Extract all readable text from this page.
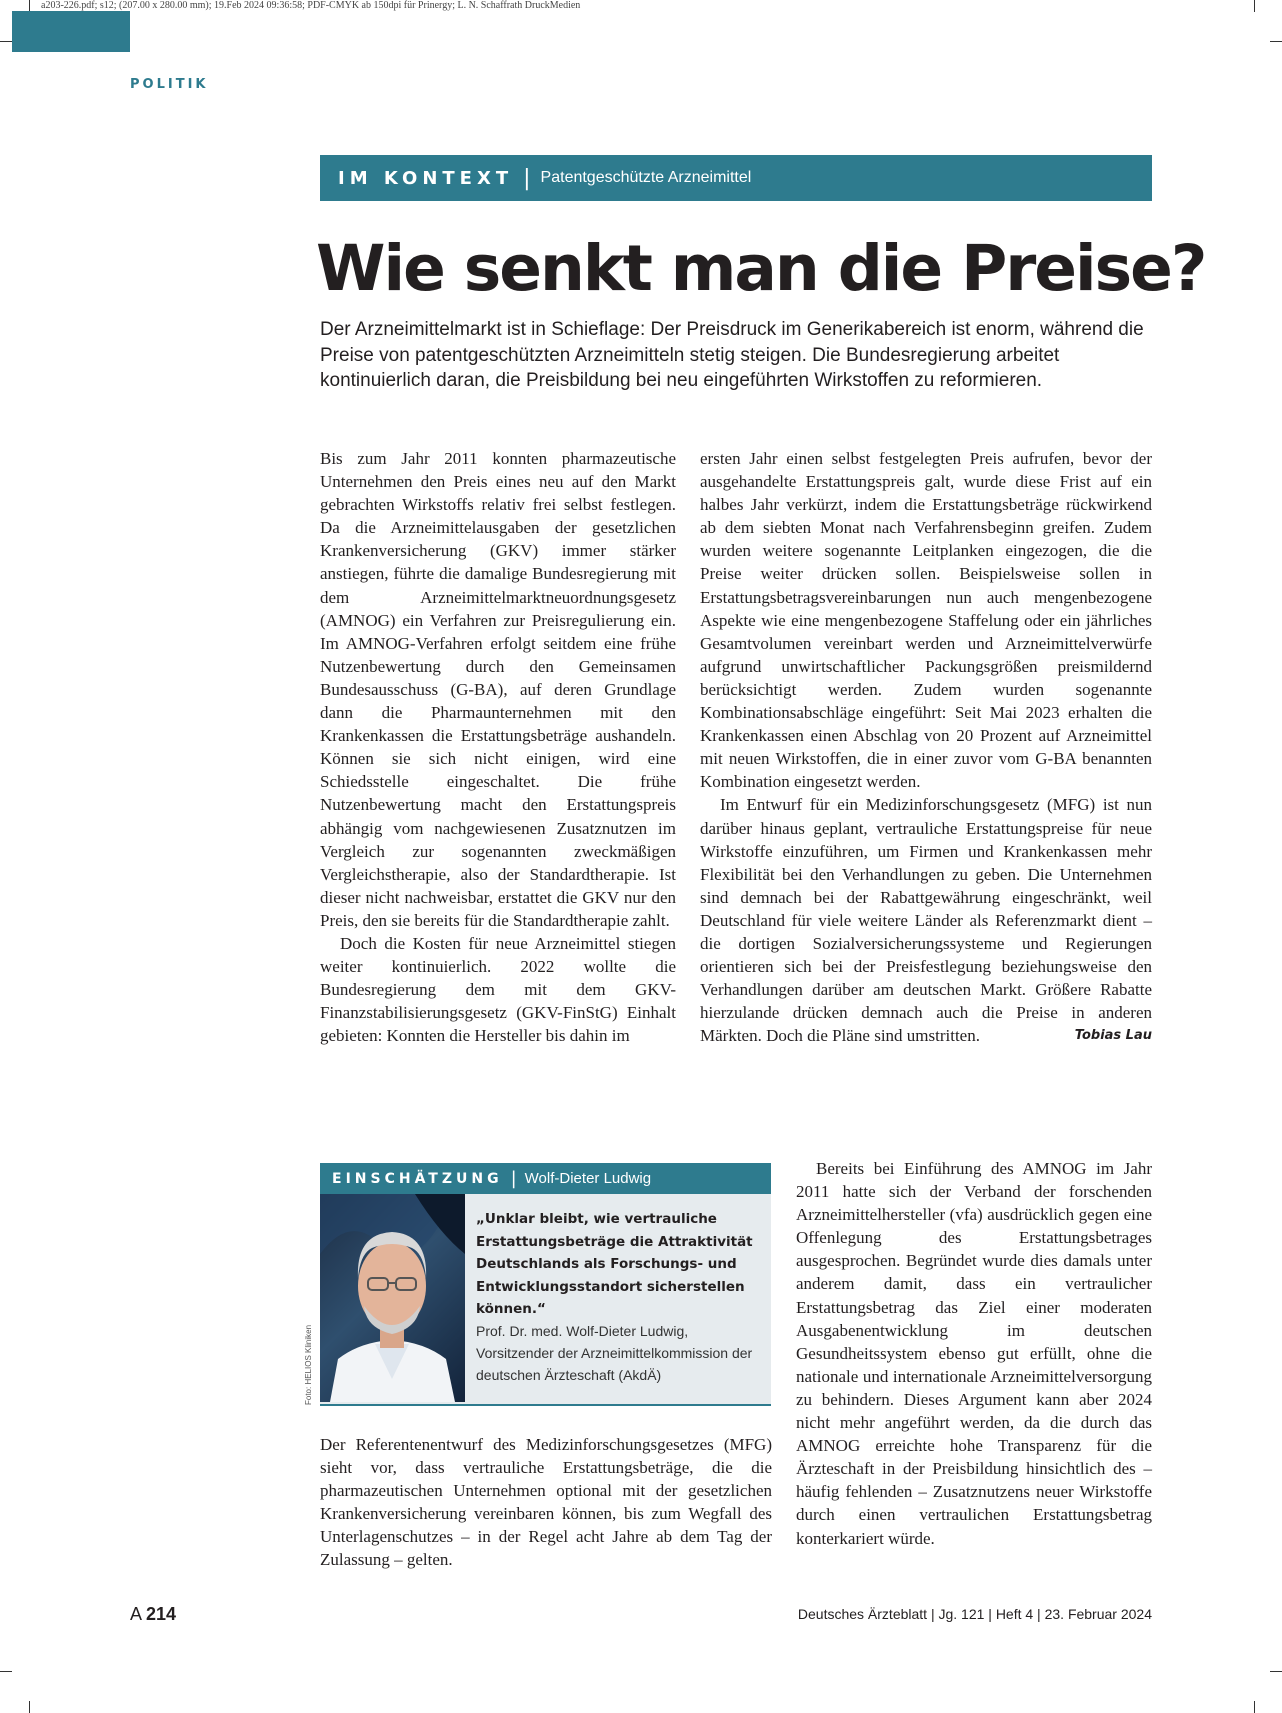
a203-226.pdf; s12; (207.00 x 280.00 mm); 19.Feb 2024 09:36:58; PDF-CMYK ab 150dpi für Prinergy; L. N. Schaffrath DruckMedien
POLITIK
IM KONTEXT | Patentgeschützte Arzneimittel
Wie senkt man die Preise?

Der Arzneimittelmarkt ist in Schieflage: Der Preisdruck im Generikabereich ist enorm, während die Preise von patentgeschützten Arzneimitteln stetig steigen. Die Bundesregierung arbeitet kontinuierlich daran, die Preisbildung bei neu eingeführten Wirkstoffen zu reformieren.

Bis zum Jahr 2011 konnten pharmazeutische Unternehmen den Preis eines neu auf den Markt gebrachten Wirkstoffs relativ frei selbst festlegen. Da die Arzneimittelausgaben der gesetzlichen Krankenversicherung (GKV) immer stärker anstiegen, führte die damalige Bundesregierung mit dem Arzneimittelmarktneuordnungsgesetz (AMNOG) ein Verfahren zur Preisregulierung ein. Im AMNOG-Verfahren erfolgt seitdem eine frühe Nutzenbewertung durch den Gemeinsamen Bundesausschuss (G-BA), auf deren Grundlage dann die Pharmaunternehmen mit den Krankenkassen die Erstattungsbeträge aushandeln. Können sie sich nicht einigen, wird eine Schiedsstelle eingeschaltet. Die frühe Nutzenbewertung macht den Erstattungspreis abhängig vom nachgewiesenen Zusatznutzen im Vergleich zur sogenannten zweckmäßigen Vergleichstherapie, also der Standardtherapie. Ist dieser nicht nachweisbar, erstattet die GKV nur den Preis, den sie bereits für die Standardtherapie zahlt.

Doch die Kosten für neue Arzneimittel stiegen weiter kontinuierlich. 2022 wollte die Bundesregierung dem mit dem GKV-Finanzstabilisierungsgesetz (GKV-FinStG) Einhalt gebieten: Konnten die Hersteller bis dahin im

ersten Jahr einen selbst festgelegten Preis aufrufen, bevor der ausgehandelte Erstattungspreis galt, wurde diese Frist auf ein halbes Jahr verkürzt, indem die Erstattungsbeträge rückwirkend ab dem siebten Monat nach Verfahrensbeginn greifen. Zudem wurden weitere sogenannte Leitplanken eingezogen, die die Preise weiter drücken sollen. Beispielsweise sollen in Erstattungsbetragsvereinbarungen nun auch mengenbezogene Aspekte wie eine mengenbezogene Staffelung oder ein jährliches Gesamtvolumen vereinbart werden und Arzneimittelverwürfe aufgrund unwirtschaftlicher Packungsgrößen preismildernd berücksichtigt werden. Zudem wurden sogenannte Kombinationsabschläge eingeführt: Seit Mai 2023 erhalten die Krankenkassen einen Abschlag von 20 Prozent auf Arzneimittel mit neuen Wirkstoffen, die in einer zuvor vom G-BA benannten Kombination eingesetzt werden.

Im Entwurf für ein Medizinforschungsgesetz (MFG) ist nun darüber hinaus geplant, vertrauliche Erstattungspreise für neue Wirkstoffe einzuführen, um Firmen und Krankenkassen mehr Flexibilität bei den Verhandlungen zu geben. Die Unternehmen sind demnach bei der Rabattgewährung eingeschränkt, weil Deutschland für viele weitere Länder als Referenzmarkt dient – die dortigen Sozialversicherungssysteme und Regierungen orientieren sich bei der Preisfestlegung beziehungsweise den Verhandlungen darüber am deutschen Markt. Größere Rabatte hierzulande drücken demnach auch die Preise in anderen Märkten. Doch die Pläne sind umstritten.	Tobias Lau

EINSCHÄTZUNG | Wolf-Dieter Ludwig

„Unklar bleibt, wie vertrauliche Erstattungsbeträge die Attraktivität Deutschlands als Forschungs- und Entwicklungsstandort sicherstellen können.“

Prof. Dr. med. Wolf-Dieter Ludwig, Vorsitzender der Arzneimittelkommission der deutschen Ärzteschaft (AkdÄ)

Foto: HELIOS Kliniken

Der Referentenentwurf des Medizinforschungsgesetzes (MFG) sieht vor, dass vertrauliche Erstattungsbeträge, die die pharmazeutischen Unternehmen optional mit der gesetzlichen Krankenversicherung vereinbaren können, bis zum Wegfall des Unterlagenschutzes – in der Regel acht Jahre ab dem Tag der Zulassung – gelten.

Bereits bei Einführung des AMNOG im Jahr 2011 hatte sich der Verband der forschenden Arzneimittelhersteller (vfa) ausdrücklich gegen eine Offenlegung des Erstattungsbetrages ausgesprochen. Begründet wurde dies damals unter anderem damit, dass ein vertraulicher Erstattungsbetrag das Ziel einer moderaten Ausgabenentwicklung im deutschen Gesundheitssystem ebenso gut erfüllt, ohne die nationale und internationale Arzneimittelversorgung zu behindern. Dieses Argument kann aber 2024 nicht mehr angeführt werden, da die durch das AMNOG erreichte hohe Transparenz für die Ärzteschaft in der Preisbildung hinsichtlich des – häufig fehlenden – Zusatznutzens neuer Wirkstoffe durch einen vertraulichen Erstattungsbetrag konterkariert würde.

A 214	Deutsches Ärzteblatt | Jg. 121 | Heft 4 | 23. Februar 2024
